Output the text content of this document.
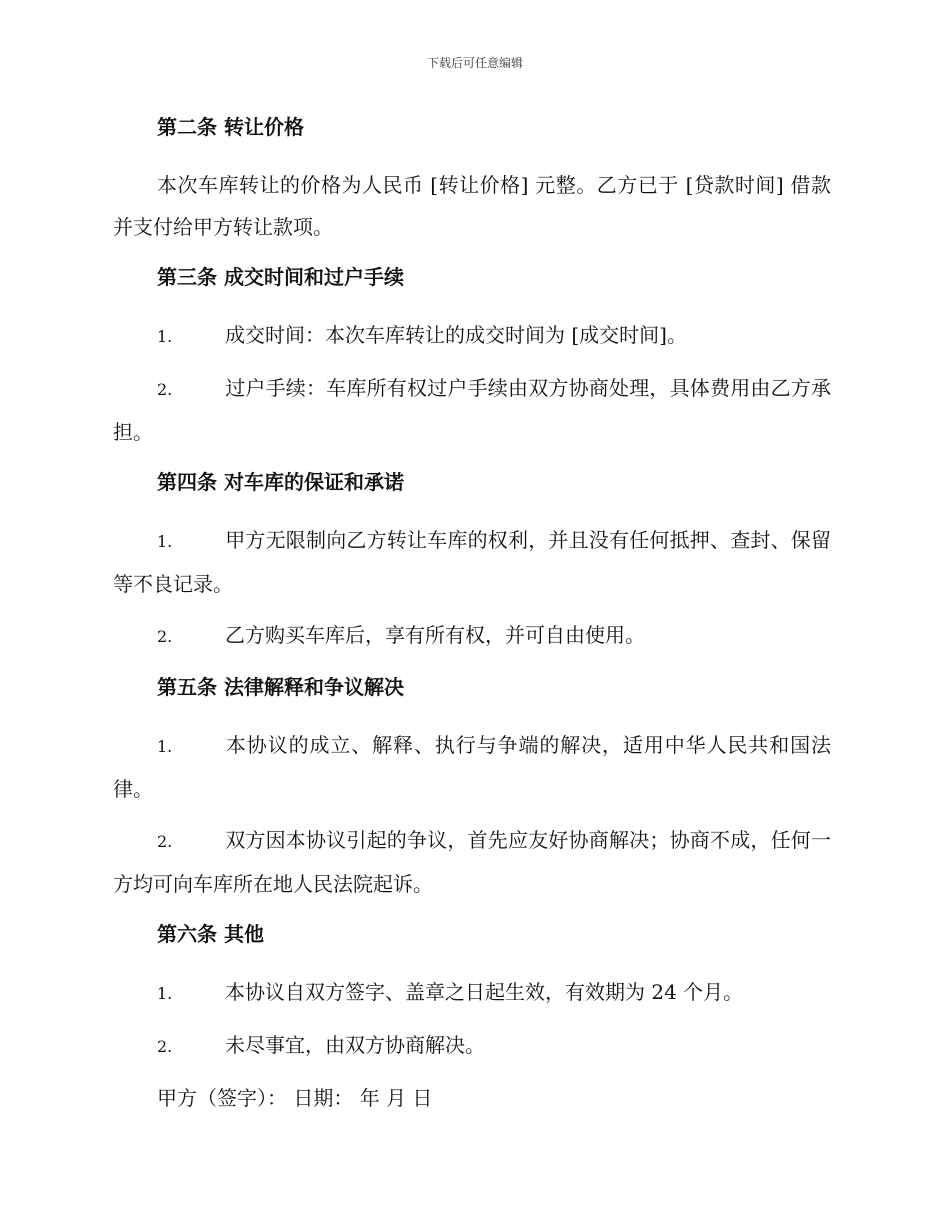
下载后可任意编辑
第二条 转让价格
本次车库转让的价格为人民币 [转让价格] 元整。乙方已于 [贷款时间] 借款并支付给甲方转让款项。
第三条 成交时间和过户手续
1.	成交时间：本次车库转让的成交时间为 [成交时间]。
2.	过户手续：车库所有权过户手续由双方协商处理，具体费用由乙方承担。
第四条 对车库的保证和承诺
1.	甲方无限制向乙方转让车库的权利，并且没有任何抵押、查封、保留等不良记录。
2.	乙方购买车库后，享有所有权，并可自由使用。
第五条 法律解释和争议解决
1.	本协议的成立、解释、执行与争端的解决，适用中华人民共和国法律。
2.	双方因本协议引起的争议，首先应友好协商解决；协商不成，任何一方均可向车库所在地人民法院起诉。
第六条 其他
1.	本协议自双方签字、盖章之日起生效，有效期为 24 个月。
2.	未尽事宜，由双方协商解决。
甲方（签字）： 日期： 年 月 日
